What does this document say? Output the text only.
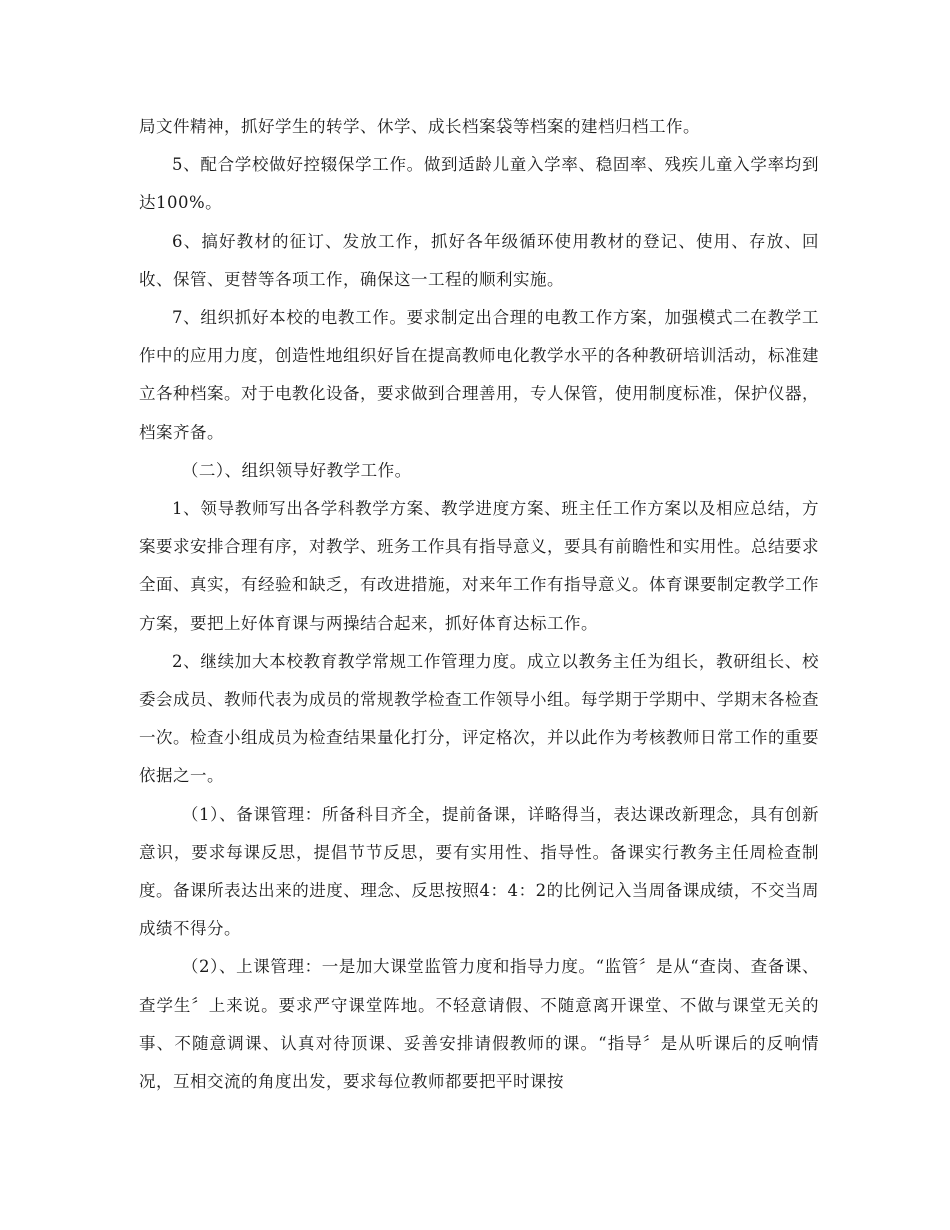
局文件精神，抓好学生的转学、休学、成长档案袋等档案的建档归档工作。

5、配合学校做好控辍保学工作。做到适龄儿童入学率、稳固率、残疾儿童入学率均到达100%。

6、搞好教材的征订、发放工作，抓好各年级循环使用教材的登记、使用、存放、回收、保管、更替等各项工作，确保这一工程的顺利实施。

7、组织抓好本校的电教工作。要求制定出合理的电教工作方案，加强模式二在教学工作中的应用力度，创造性地组织好旨在提高教师电化教学水平的各种教研培训活动，标准建立各种档案。对于电教化设备，要求做到合理善用，专人保管，使用制度标准，保护仪器，档案齐备。

（二）、组织领导好教学工作。

1、领导教师写出各学科教学方案、教学进度方案、班主任工作方案以及相应总结，方案要求安排合理有序，对教学、班务工作具有指导意义，要具有前瞻性和实用性。总结要求全面、真实，有经验和缺乏，有改进措施，对来年工作有指导意义。体育课要制定教学工作方案，要把上好体育课与两操结合起来，抓好体育达标工作。

2、继续加大本校教育教学常规工作管理力度。成立以教务主任为组长，教研组长、校委会成员、教师代表为成员的常规教学检查工作领导小组。每学期于学期中、学期末各检查一次。检查小组成员为检查结果量化打分，评定格次，并以此作为考核教师日常工作的重要依据之一。

（1）、备课管理：所备科目齐全，提前备课，详略得当，表达课改新理念，具有创新意识，要求每课反思，提倡节节反思，要有实用性、指导性。备课实行教务主任周检查制度。备课所表达出来的进度、理念、反思按照4：4：2的比例记入当周备课成绩，不交当周成绩不得分。

（2）、上课管理：一是加大课堂监管力度和指导力度。“监管〞是从“查岗、查备课、查学生〞上来说。要求严守课堂阵地。不轻意请假、不随意离开课堂、不做与课堂无关的事、不随意调课、认真对待顶课、妥善安排请假教师的课。“指导〞是从听课后的反响情况，互相交流的角度出发，要求每位教师都要把平时课按
